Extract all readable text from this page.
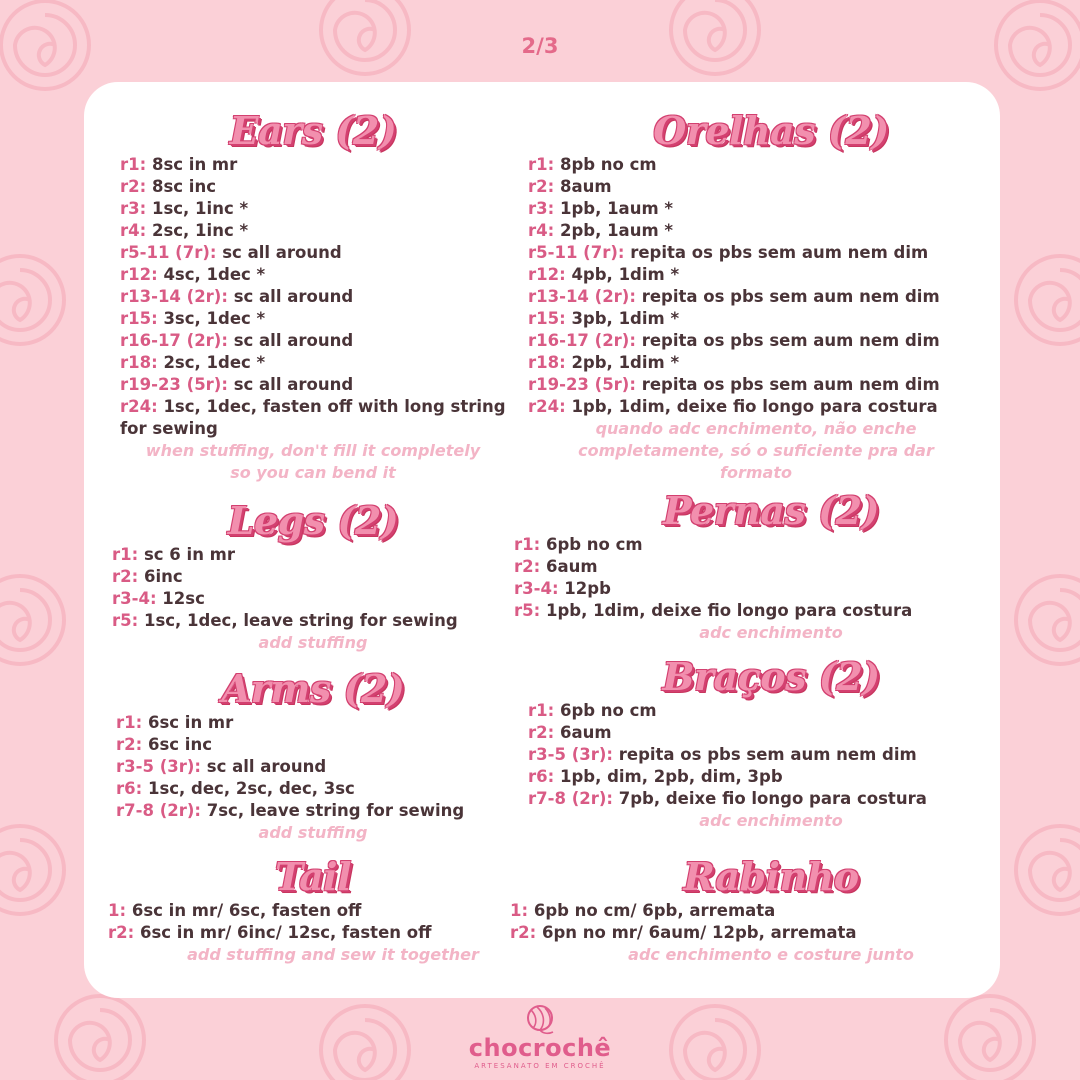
2/3
Ears (2)
r1: 8sc in mr
r2: 8sc inc
r3: 1sc, 1inc *
r4: 2sc, 1inc *
r5-11 (7r): sc all around
r12: 4sc, 1dec *
r13-14 (2r): sc all around
r15: 3sc, 1dec *
r16-17 (2r): sc all around
r18: 2sc, 1dec *
r19-23 (5r): sc all around
r24: 1sc, 1dec, fasten off with long string for sewing
when stuffing, don't fill it completely so you can bend it
Legs (2)
r1: sc 6 in mr
r2: 6inc
r3-4: 12sc
r5: 1sc, 1dec, leave string for sewing
add stuffing
Arms (2)
r1: 6sc in mr
r2: 6sc inc
r3-5 (3r): sc all around
r6: 1sc, dec, 2sc, dec, 3sc
r7-8 (2r): 7sc, leave string for sewing
add stuffing
Tail
1: 6sc in mr/ 6sc, fasten off
r2: 6sc in mr/ 6inc/ 12sc, fasten off
add stuffing and sew it together
Orelhas (2)
r1: 8pb no cm
r2: 8aum
r3: 1pb, 1aum *
r4: 2pb, 1aum *
r5-11 (7r): repita os pbs sem aum nem dim
r12: 4pb, 1dim *
r13-14 (2r): repita os pbs sem aum nem dim
r15: 3pb, 1dim *
r16-17 (2r): repita os pbs sem aum nem dim
r18: 2pb, 1dim *
r19-23 (5r): repita os pbs sem aum nem dim
r24: 1pb, 1dim, deixe fio longo para costura
quando adc enchimento, não enche completamente, só o suficiente pra dar formato
Pernas (2)
r1: 6pb no cm
r2: 6aum
r3-4: 12pb
r5: 1pb, 1dim, deixe fio longo para costura
adc enchimento
Braços (2)
r1: 6pb no cm
r2: 6aum
r3-5 (3r): repita os pbs sem aum nem dim
r6: 1pb, dim, 2pb, dim, 3pb
r7-8 (2r): 7pb, deixe fio longo para costura
adc enchimento
Rabinho
1: 6pb no cm/ 6pb, arremata
r2: 6pn no mr/ 6aum/ 12pb, arremata
adc enchimento e costure junto
chocrochê
ARTESANATO EM CROCHÊ
